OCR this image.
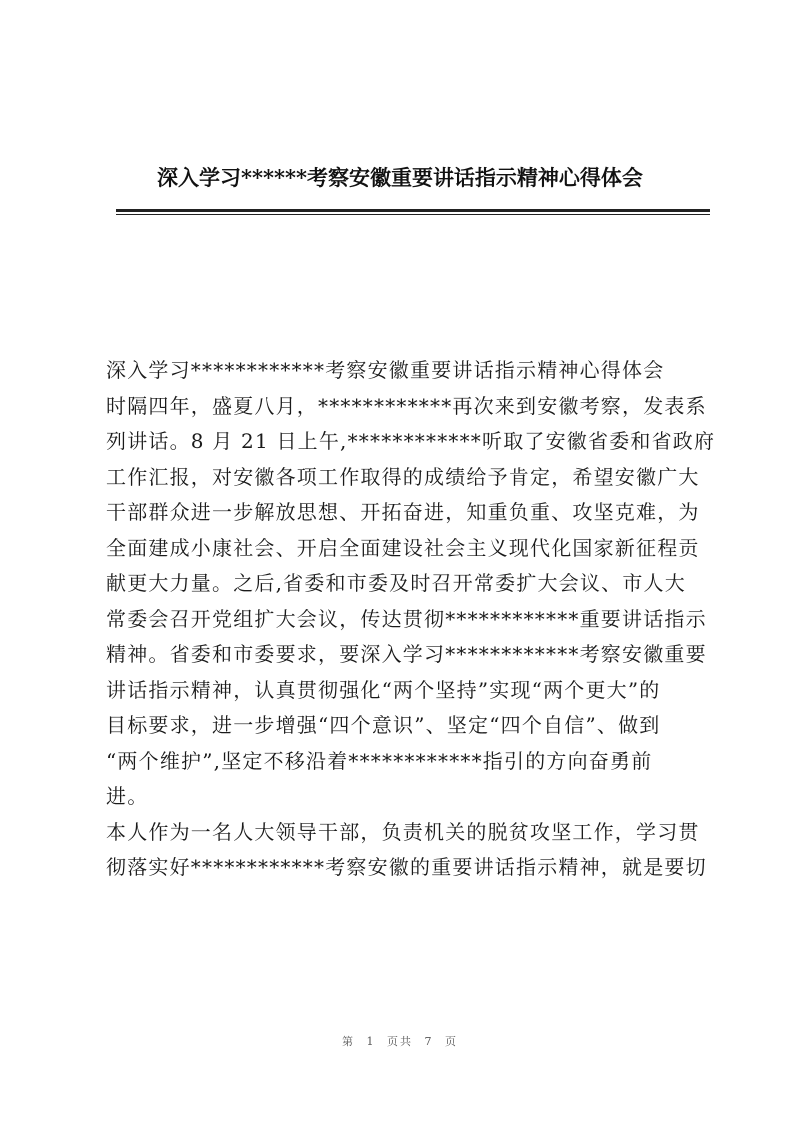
深入学习******考察安徽重要讲话指示精神心得体会
深入学习************考察安徽重要讲话指示精神心得体会
时隔四年，盛夏八月，************再次来到安徽考察，发表系
列讲话。8 月 21 日上午,************听取了安徽省委和省政府
工作汇报，对安徽各项工作取得的成绩给予肯定，希望安徽广大
干部群众进一步解放思想、开拓奋进，知重负重、攻坚克难，为
全面建成小康社会、开启全面建设社会主义现代化国家新征程贡
献更大力量。之后,省委和市委及时召开常委扩大会议、市人大
常委会召开党组扩大会议，传达贯彻************重要讲话指示
精神。省委和市委要求，要深入学习************考察安徽重要
讲话指示精神，认真贯彻强化“两个坚持”实现“两个更大”的
目标要求，进一步增强“四个意识”、坚定“四个自信”、做到
“两个维护”,坚定不移沿着************指引的方向奋勇前
进。
本人作为一名人大领导干部，负责机关的脱贫攻坚工作，学习贯
彻落实好************考察安徽的重要讲话指示精神，就是要切
第 1 页共 7 页
